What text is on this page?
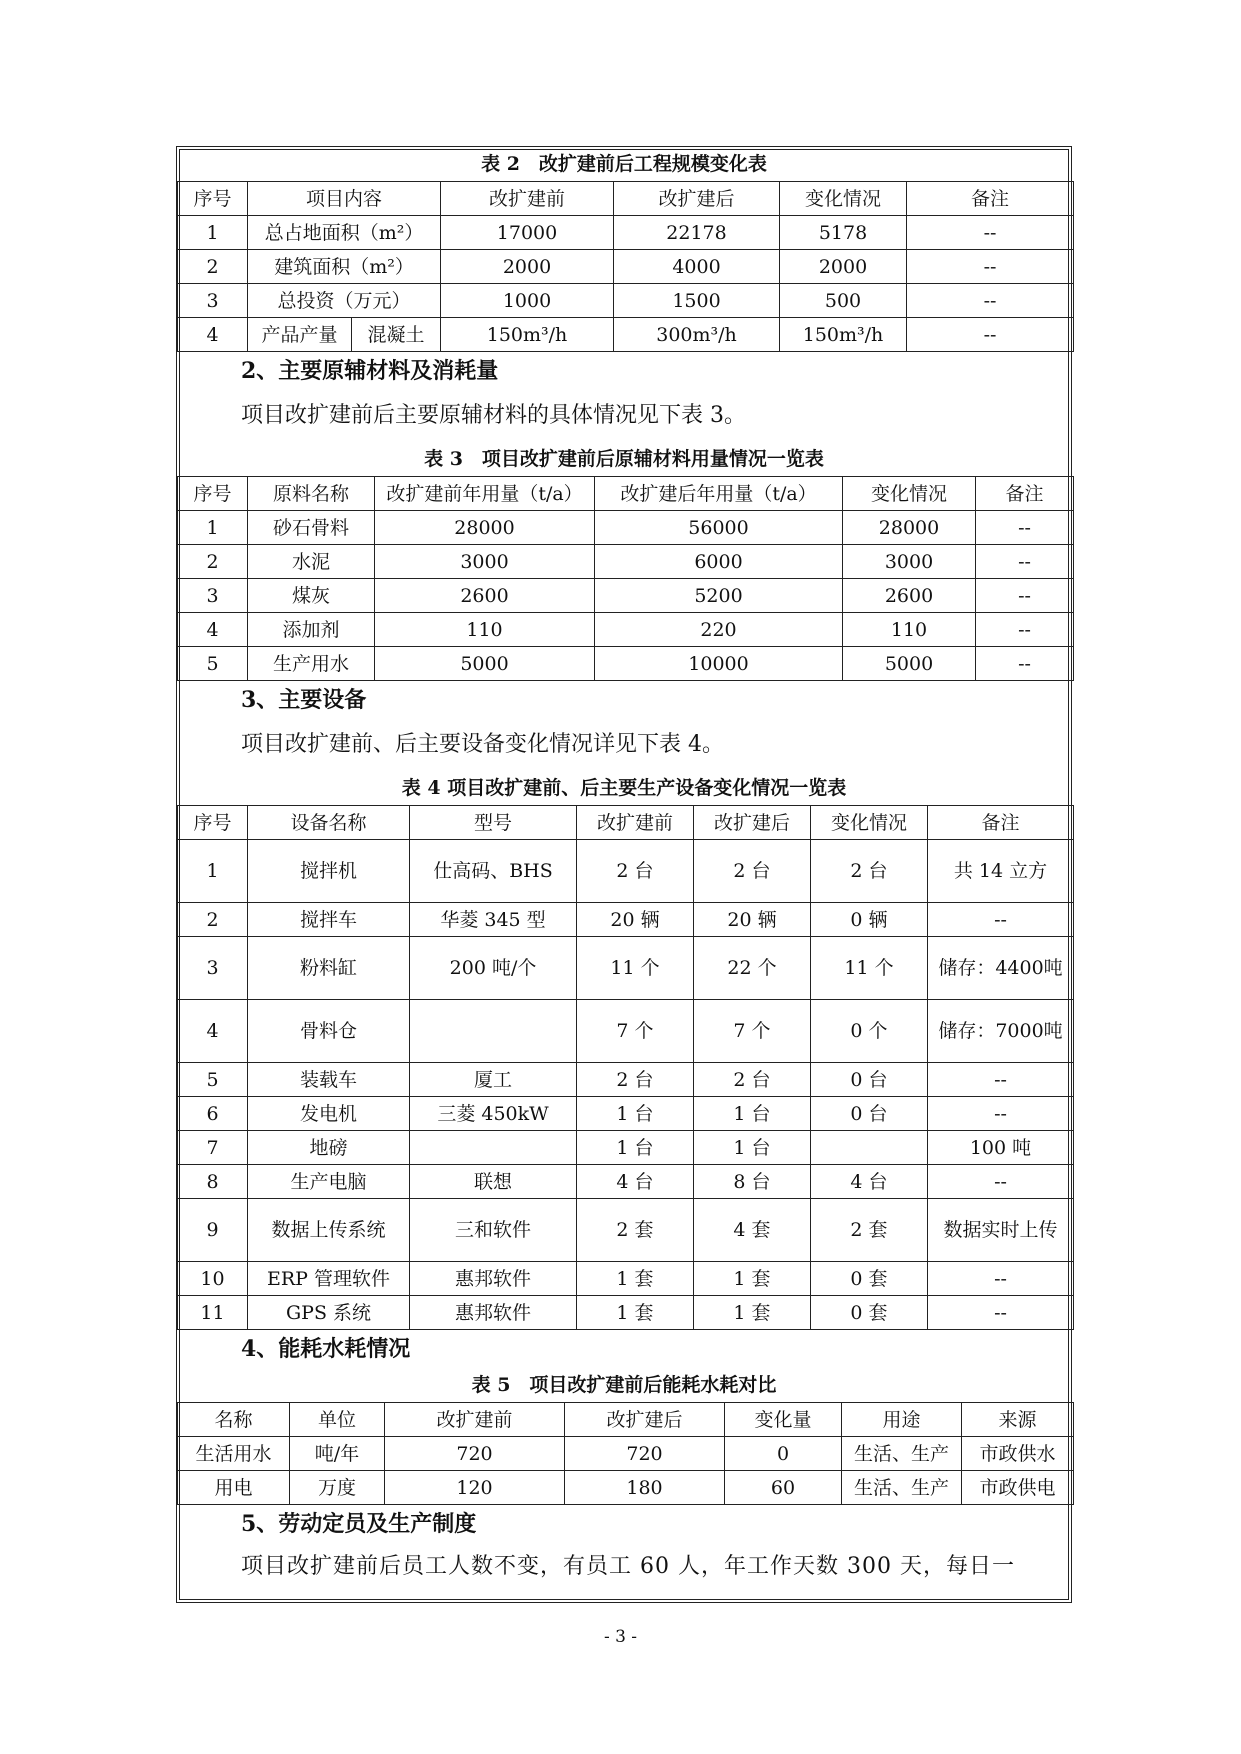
表 2　改扩建前后工程规模变化表
序号	项目内容		改扩建前	改扩建后	变化情况	备注
1	总占地面积（m²）		17000	22178	5178	--
2	建筑面积（m²）		2000	4000	2000	--
3	总投资（万元）		1000	1500	500	--
4	产品产量	混凝土	150m³/h	300m³/h	150m³/h	--
2、主要原辅材料及消耗量
项目改扩建前后主要原辅材料的具体情况见下表 3。
表 3　项目改扩建前后原辅材料用量情况一览表
序号	原料名称	改扩建前年用量（t/a）	改扩建后年用量（t/a）	变化情况	备注
1	砂石骨料	28000	56000	28000	--
2	水泥	3000	6000	3000	--
3	煤灰	2600	5200	2600	--
4	添加剂	110	220	110	--
5	生产用水	5000	10000	5000	--
3、主要设备
项目改扩建前、后主要设备变化情况详见下表 4。
表 4 项目改扩建前、后主要生产设备变化情况一览表
序号	设备名称	型号	改扩建前	改扩建后	变化情况	备注
1	搅拌机	仕高码、BHS	2 台	2 台	2 台	共 14 立方
2	搅拌车	华菱 345 型	20 辆	20 辆	0 辆	--
3	粉料缸	200 吨/个	11 个	22 个	11 个	储存：4400吨
4	骨料仓		7 个	7 个	0 个	储存：7000吨
5	装载车	厦工	2 台	2 台	0 台	--
6	发电机	三菱 450kW	1 台	1 台	0 台	--
7	地磅		1 台	1 台		100 吨
8	生产电脑	联想	4 台	8 台	4 台	--
9	数据上传系统	三和软件	2 套	4 套	2 套	数据实时上传
10	ERP 管理软件	惠邦软件	1 套	1 套	0 套	--
11	GPS 系统	惠邦软件	1 套	1 套	0 套	--
4、能耗水耗情况
表 5　项目改扩建前后能耗水耗对比
名称	单位	改扩建前	改扩建后	变化量	用途	来源
生活用水	吨/年	720	720	0	生活、生产	市政供水
用电	万度	120	180	60	生活、生产	市政供电
5、劳动定员及生产制度
项目改扩建前后员工人数不变，有员工 60 人，年工作天数 300 天，每日一
- 3 -
